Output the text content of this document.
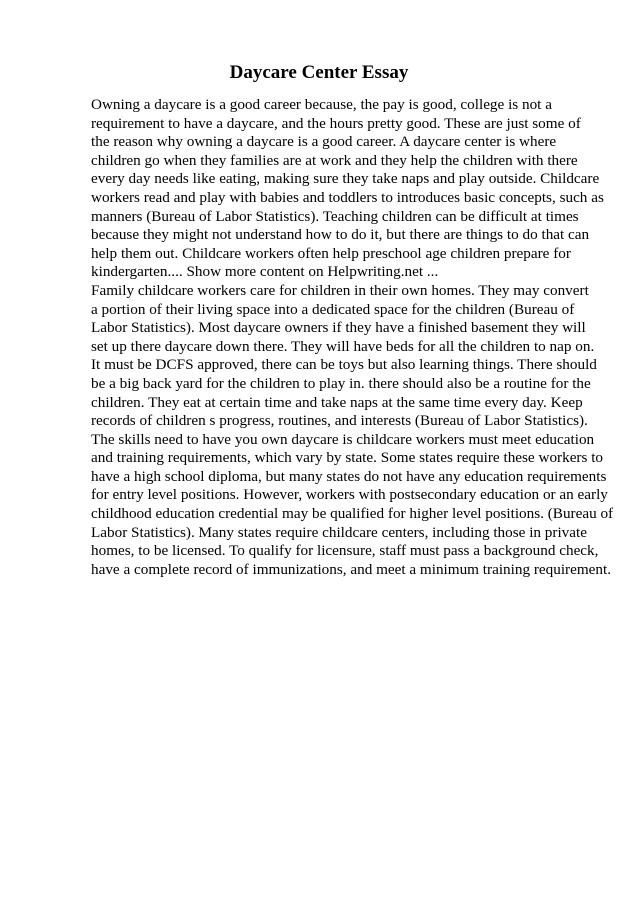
Daycare Center Essay
Owning a daycare is a good career because, the pay is good, college is not a
requirement to have a daycare, and the hours pretty good. These are just some of
the reason why owning a daycare is a good career. A daycare center is where
children go when they families are at work and they help the children with there
every day needs like eating, making sure they take naps and play outside. Childcare
workers read and play with babies and toddlers to introduces basic concepts, such as
manners (Bureau of Labor Statistics). Teaching children can be difficult at times
because they might not understand how to do it, but there are things to do that can
help them out. Childcare workers often help preschool age children prepare for
kindergarten.... Show more content on Helpwriting.net ...
Family childcare workers care for children in their own homes. They may convert
a portion of their living space into a dedicated space for the children (Bureau of
Labor Statistics). Most daycare owners if they have a finished basement they will
set up there daycare down there. They will have beds for all the children to nap on.
It must be DCFS approved, there can be toys but also learning things. There should
be a big back yard for the children to play in. there should also be a routine for the
children. They eat at certain time and take naps at the same time every day. Keep
records of children s progress, routines, and interests (Bureau of Labor Statistics).
The skills need to have you own daycare is childcare workers must meet education
and training requirements, which vary by state. Some states require these workers to
have a high school diploma, but many states do not have any education requirements
for entry level positions. However, workers with postsecondary education or an early
childhood education credential may be qualified for higher level positions. (Bureau of
Labor Statistics). Many states require childcare centers, including those in private
homes, to be licensed. To qualify for licensure, staff must pass a background check,
have a complete record of immunizations, and meet a minimum training requirement.
